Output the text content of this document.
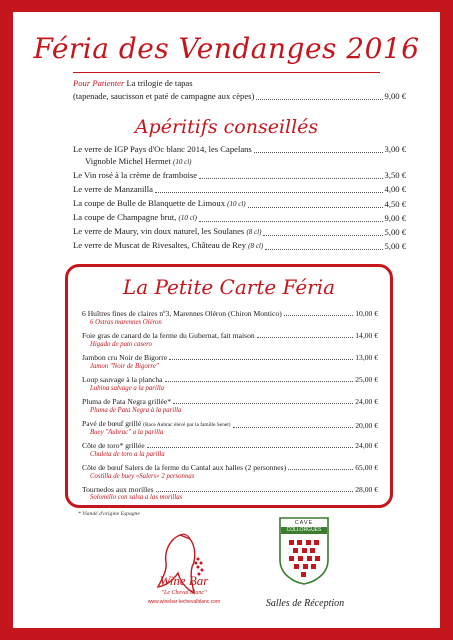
Féria des Vendanges 2016
Pour Patienter La trilogie de tapas
(tapenade, saucisson et paté de campagne aux cèpes)	9,00 €
Apéritifs conseillés
Le verre de IGP Pays d'Oc blanc 2014, les Capelans	3,00 €
Vignoble Michel Hermet (10 cl)
Le Vin rosé à la crème de framboise	3,50 €
Le verre de Manzanilla	4,00 €
La coupe de Bulle de Blanquette de Limoux (10 cl)	4,50 €
La coupe de Champagne brut, (10 cl)	9,00 €
Le verre de Maury, vin doux naturel, les Soulanes (8 cl)	5,00 €
Le verre de Muscat de Rivesaltes, Château de Rey (8 cl)	5,00 €
La Petite Carte Féria
6 Huîtres fines de claires nº3, Marennes Oléron (Chiron Montico)	10,00 €
6 Ostras marennes Oléron
Foie gras de canard de la ferme du Gubernat, fait maison	14,00 €
Higado de pato casero
Jambon cru Noir de Bigorre	13,00 €
Jamon "Noir de Bigorre"
Loup sauvage à la plancha	25,00 €
Lubina salvage a la parilla
Pluma de Pata Negra grillée*	24,00 €
Pluma de Pata Negra à la parilla
Pavé de bœuf grillé (Race Aubrac élevé par la famille Senet)	20,00 €
Buey "Aubrac" a la parilla
Côte de toro* grillée	24,00 €
Chuleta de toro a la parilla
Côte de bœuf Salers de la ferme du Cantal aux halles (2 personnes)	65,00 €
Costilla de buey «Salers» 2 personnas
Tournedos aux morilles	28,00 €
Solomillo con salsa a las morillas
* Viandé d'origine Espagne
Wine Bar
"Le Cheval Blanc"
www.winebar-lechevalblanc.com
CAVE
COLLORGUES
Salles de Réception
